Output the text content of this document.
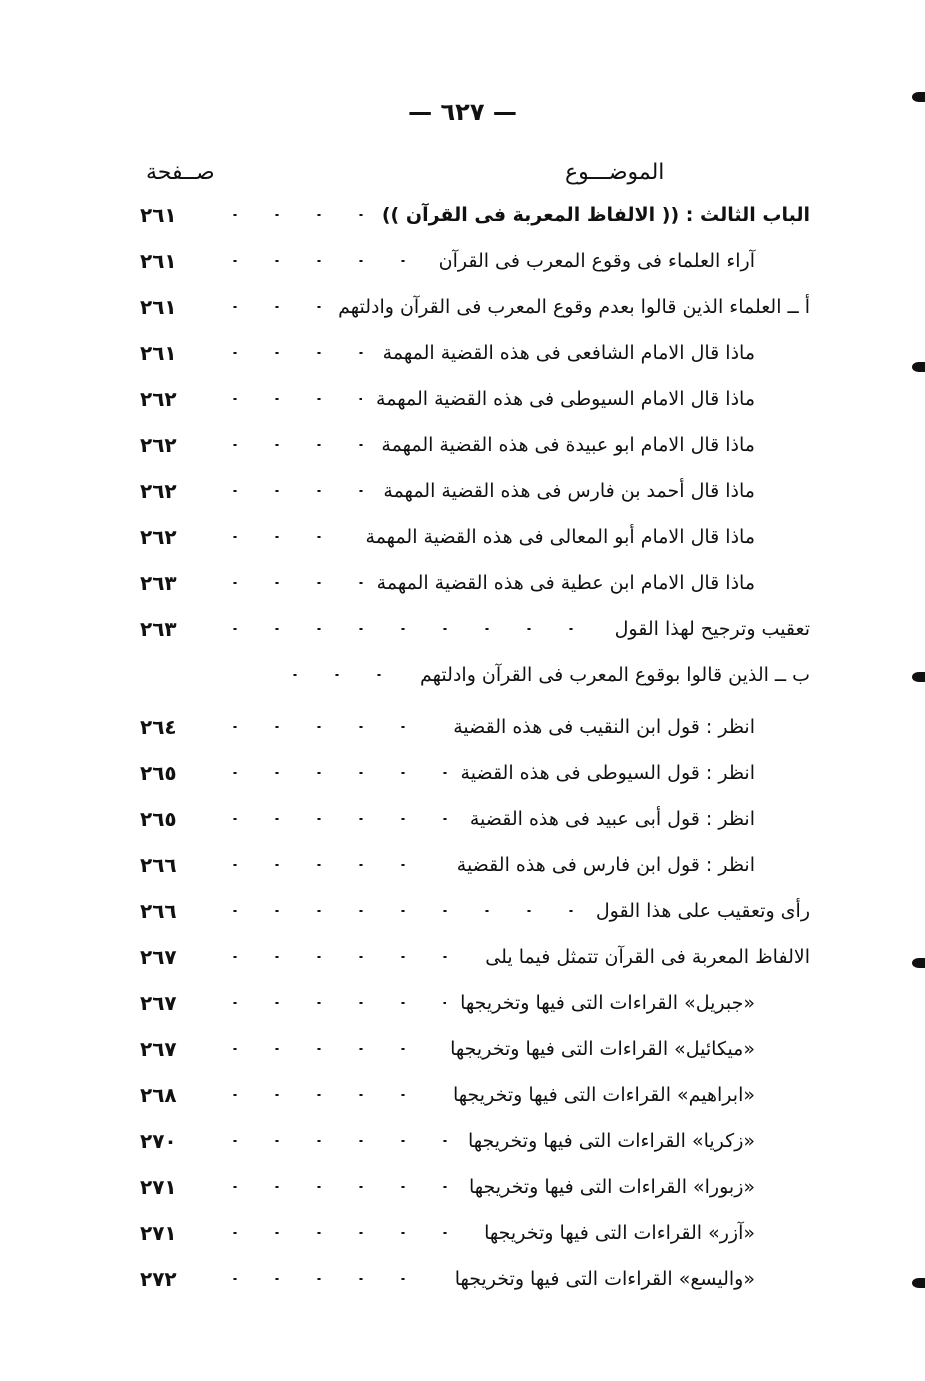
— ٦٢٧ —
صــفحة	الموضـــوع
الباب الثالث : (( الالفاظ المعربة فى القرآن ))
٢٦١
آراء العلماء فى وقوع المعرب فى القرآن
٢٦١
أ ــ العلماء الذين قالوا بعدم وقوع المعرب فى القرآن وادلتهم
٢٦١
ماذا قال الامام الشافعى فى هذه القضية المهمة
٢٦١
ماذا قال الامام السيوطى فى هذه القضية المهمة
٢٦٢
ماذا قال الامام ابو عبيدة فى هذه القضية المهمة
٢٦٢
ماذا قال أحمد بن فارس فى هذه القضية المهمة
٢٦٢
ماذا قال الامام أبو المعالى فى هذه القضية المهمة
٢٦٢
ماذا قال الامام ابن عطية فى هذه القضية المهمة
٢٦٣
تعقيب وترجيح لهذا القول
٢٦٣
ب ــ الذين قالوا بوقوع المعرب فى القرآن وادلتهم
انظر : قول ابن النقيب فى هذه القضية
٢٦٤
انظر : قول السيوطى فى هذه القضية
٢٦٥
انظر : قول أبى عبيد فى هذه القضية
٢٦٥
انظر : قول ابن فارس فى هذه القضية
٢٦٦
رأى وتعقيب على هذا القول
٢٦٦
الالفاظ المعربة فى القرآن تتمثل فيما يلى
٢٦٧
«جبريل» القراءات التى فيها وتخريجها
٢٦٧
«ميكائيل» القراءات التى فيها وتخريجها
٢٦٧
«ابراهيم» القراءات التى فيها وتخريجها
٢٦٨
«زكريا» القراءات التى فيها وتخريجها
٢٧٠
«زبورا» القراءات التى فيها وتخريجها
٢٧١
«آزر» القراءات التى فيها وتخريجها
٢٧١
«واليسع» القراءات التى فيها وتخريجها
٢٧٢
